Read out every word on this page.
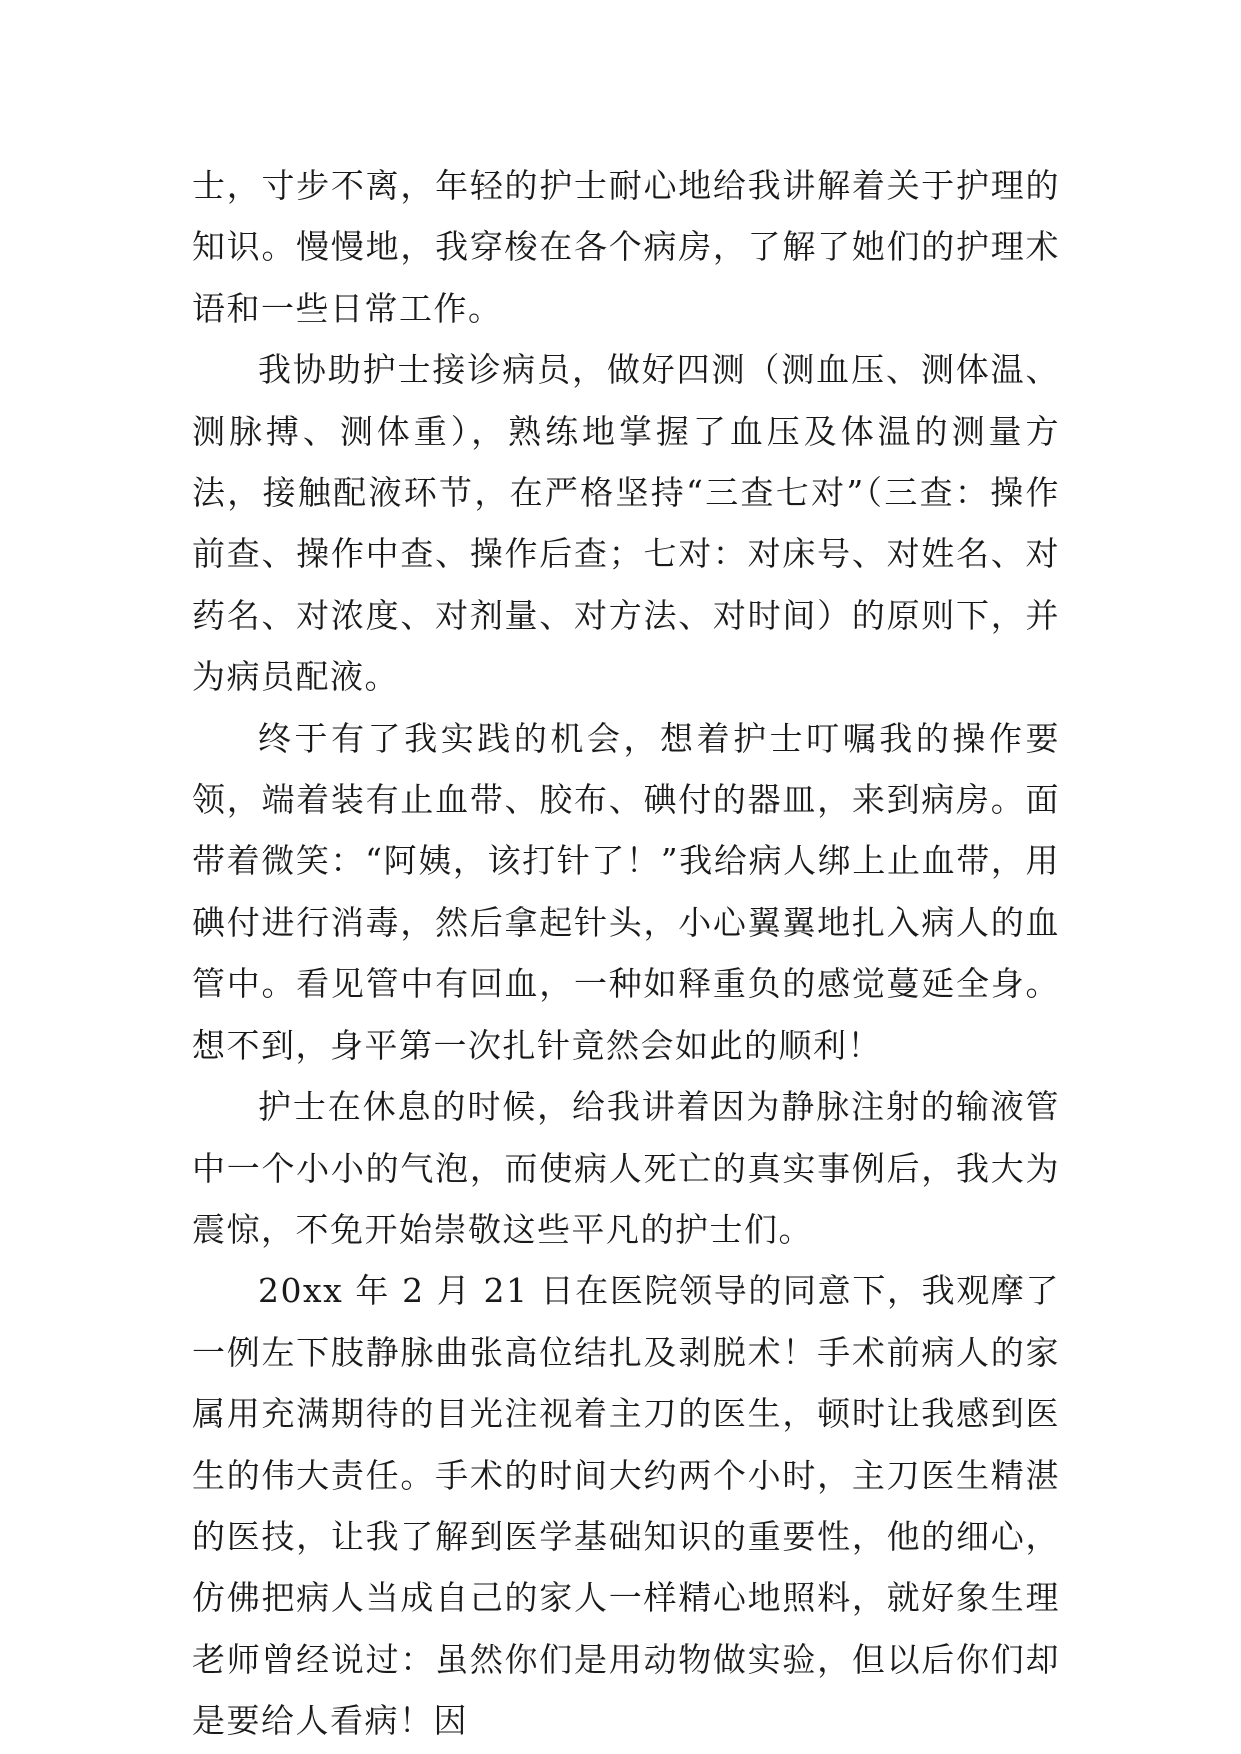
士，寸步不离，年轻的护士耐心地给我讲解着关于护理的知识。慢慢地，我穿梭在各个病房，了解了她们的护理术语和一些日常工作。

我协助护士接诊病员，做好四测（测血压、测体温、测脉搏、测体重），熟练地掌握了血压及体温的测量方法，接触配液环节，在严格坚持“三查七对”（三查：操作前查、操作中查、操作后查；七对：对床号、对姓名、对药名、对浓度、对剂量、对方法、对时间）的原则下，并为病员配液。

终于有了我实践的机会，想着护士叮嘱我的操作要领，端着装有止血带、胶布、碘付的器皿，来到病房。面带着微笑：“阿姨，该打针了！”我给病人绑上止血带，用碘付进行消毒，然后拿起针头，小心翼翼地扎入病人的血管中。看见管中有回血，一种如释重负的感觉蔓延全身。想不到，身平第一次扎针竟然会如此的顺利！

护士在休息的时候，给我讲着因为静脉注射的输液管中一个小小的气泡，而使病人死亡的真实事例后，我大为震惊，不免开始崇敬这些平凡的护士们。

20xx 年 2 月 21 日在医院领导的同意下，我观摩了一例左下肢静脉曲张高位结扎及剥脱术！手术前病人的家属用充满期待的目光注视着主刀的医生，顿时让我感到医生的伟大责任。手术的时间大约两个小时，主刀医生精湛的医技，让我了解到医学基础知识的重要性，他的细心，仿佛把病人当成自己的家人一样精心地照料，就好象生理老师曾经说过：虽然你们是用动物做实验，但以后你们却是要给人看病！因
